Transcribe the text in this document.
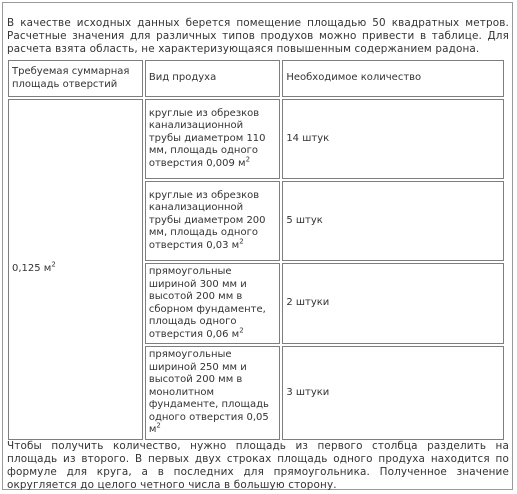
В качестве исходных данных берется помещение площадью 50 квадратных метров. Расчетные значения для различных типов продухов можно привести в таблице. Для расчета взята область, не характеризующаяся повышенным содержанием радона.

Требуемая суммарная площадь отверстий	Вид продуха	Необходимое количество
0,125 $м^2$	круглые из обрезков канализационной трубы диаметром 110 мм, площадь одного отверстия 0,009 $м^2$	14 штук
	круглые из обрезков канализационной трубы диаметром 200 мм, площадь одного отверстия 0,03 $м^2$	5 штук
	прямоугольные шириной 300 мм и высотой 200 мм в сборном фундаменте, площадь одного отверстия 0,06 $м^2$	2 штуки
	прямоугольные шириной 250 мм и высотой 200 мм в монолитном фундаменте, площадь одного отверстия 0,05 $м^2$	3 штуки

Чтобы получить количество, нужно площадь из первого столбца разделить на площадь из второго. В первых двух строках площадь одного продуха находится по формуле для круга, а в последних для прямоугольника. Полученное значение округляется до целого четного числа в большую сторону.
